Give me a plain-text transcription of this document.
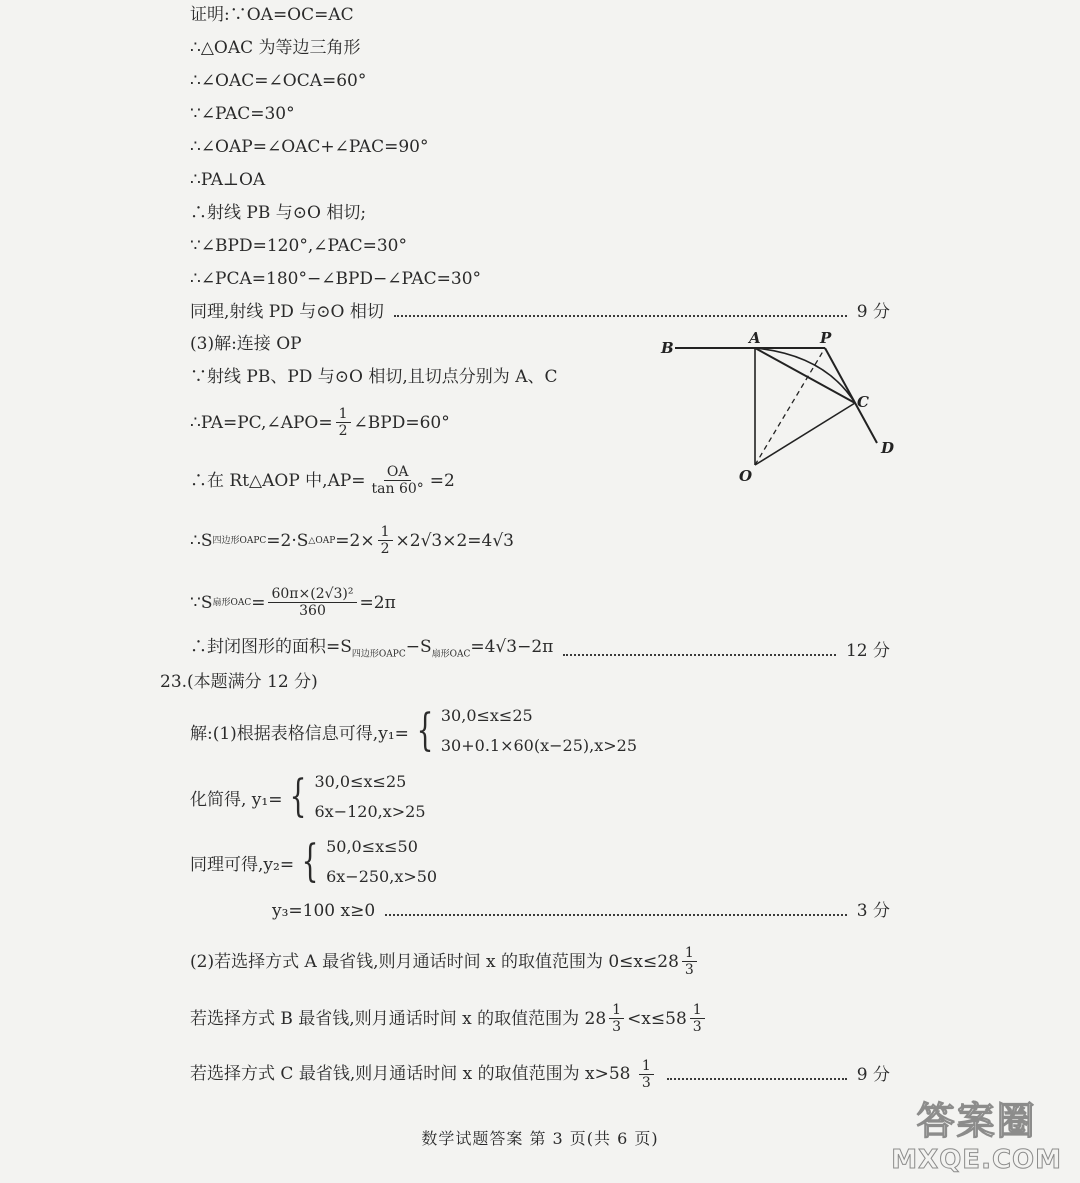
证明:∵OA=OC=AC
∴△OAC 为等边三角形
∴∠OAC=∠OCA=60°
∵∠PAC=30°
∴∠OAP=∠OAC+∠PAC=90°
∴PA⊥OA
∴射线 PB 与⊙O 相切;
∵∠BPD=120°,∠PAC=30°
∴∠PCA=180°−∠BPD−∠PAC=30°
同理,射线 PD 与⊙O 相切	9 分
(3)解:连接 OP
∵射线 PB、PD 与⊙O 相切,且切点分别为 A、C
∴PA=PC,∠APO= $\frac{1}{2}$ ∠BPD=60°
∴在 Rt△AOP 中$,AP= \frac{OA}{\tan 60^\circ} =2$
∴S 四边形OAPC =2·S △OAP $=2\times \frac{1}{2} \times 2√3\times 2=4√3$
∵S 扇形OAC = $\frac{\text{60π×(2√3)²}}{360} =2\pi$
∴封闭图形的面积$=S_{四边形OAPC}-S_{扇形OAC}=4√3-2\pi$	12 分
B
A	P
C
D
O
23.(本题满分 12 分)
解:(1)根据表格信息可得,y₁= { 30,0≤x≤25
30+0.1×60(x−25),x>25
化简得, y₁= { 30,0≤x≤25
6x−120,x>25
同理可得,y₂= { 50,0≤x≤50
6x−250,x>50
y₃=100 x≥0	3 分
(2)若选择方式 A 最省钱,则月通话时间 x 的取值范围为 $0\le x\le 28 \frac{1}{3}$
若选择方式 B 最省钱,则月通话时间 x 的取值范围为 $28 \frac{1}{3} <x\le 58 \frac{1}{3}$
若选择方式 C 最省钱,则月通话时间 x 的取值范围为 $x>58 \frac{1}{3}$	9 分
数学试题答案 第 3 页(共 6 页)	答案圈
MXQE.COM
